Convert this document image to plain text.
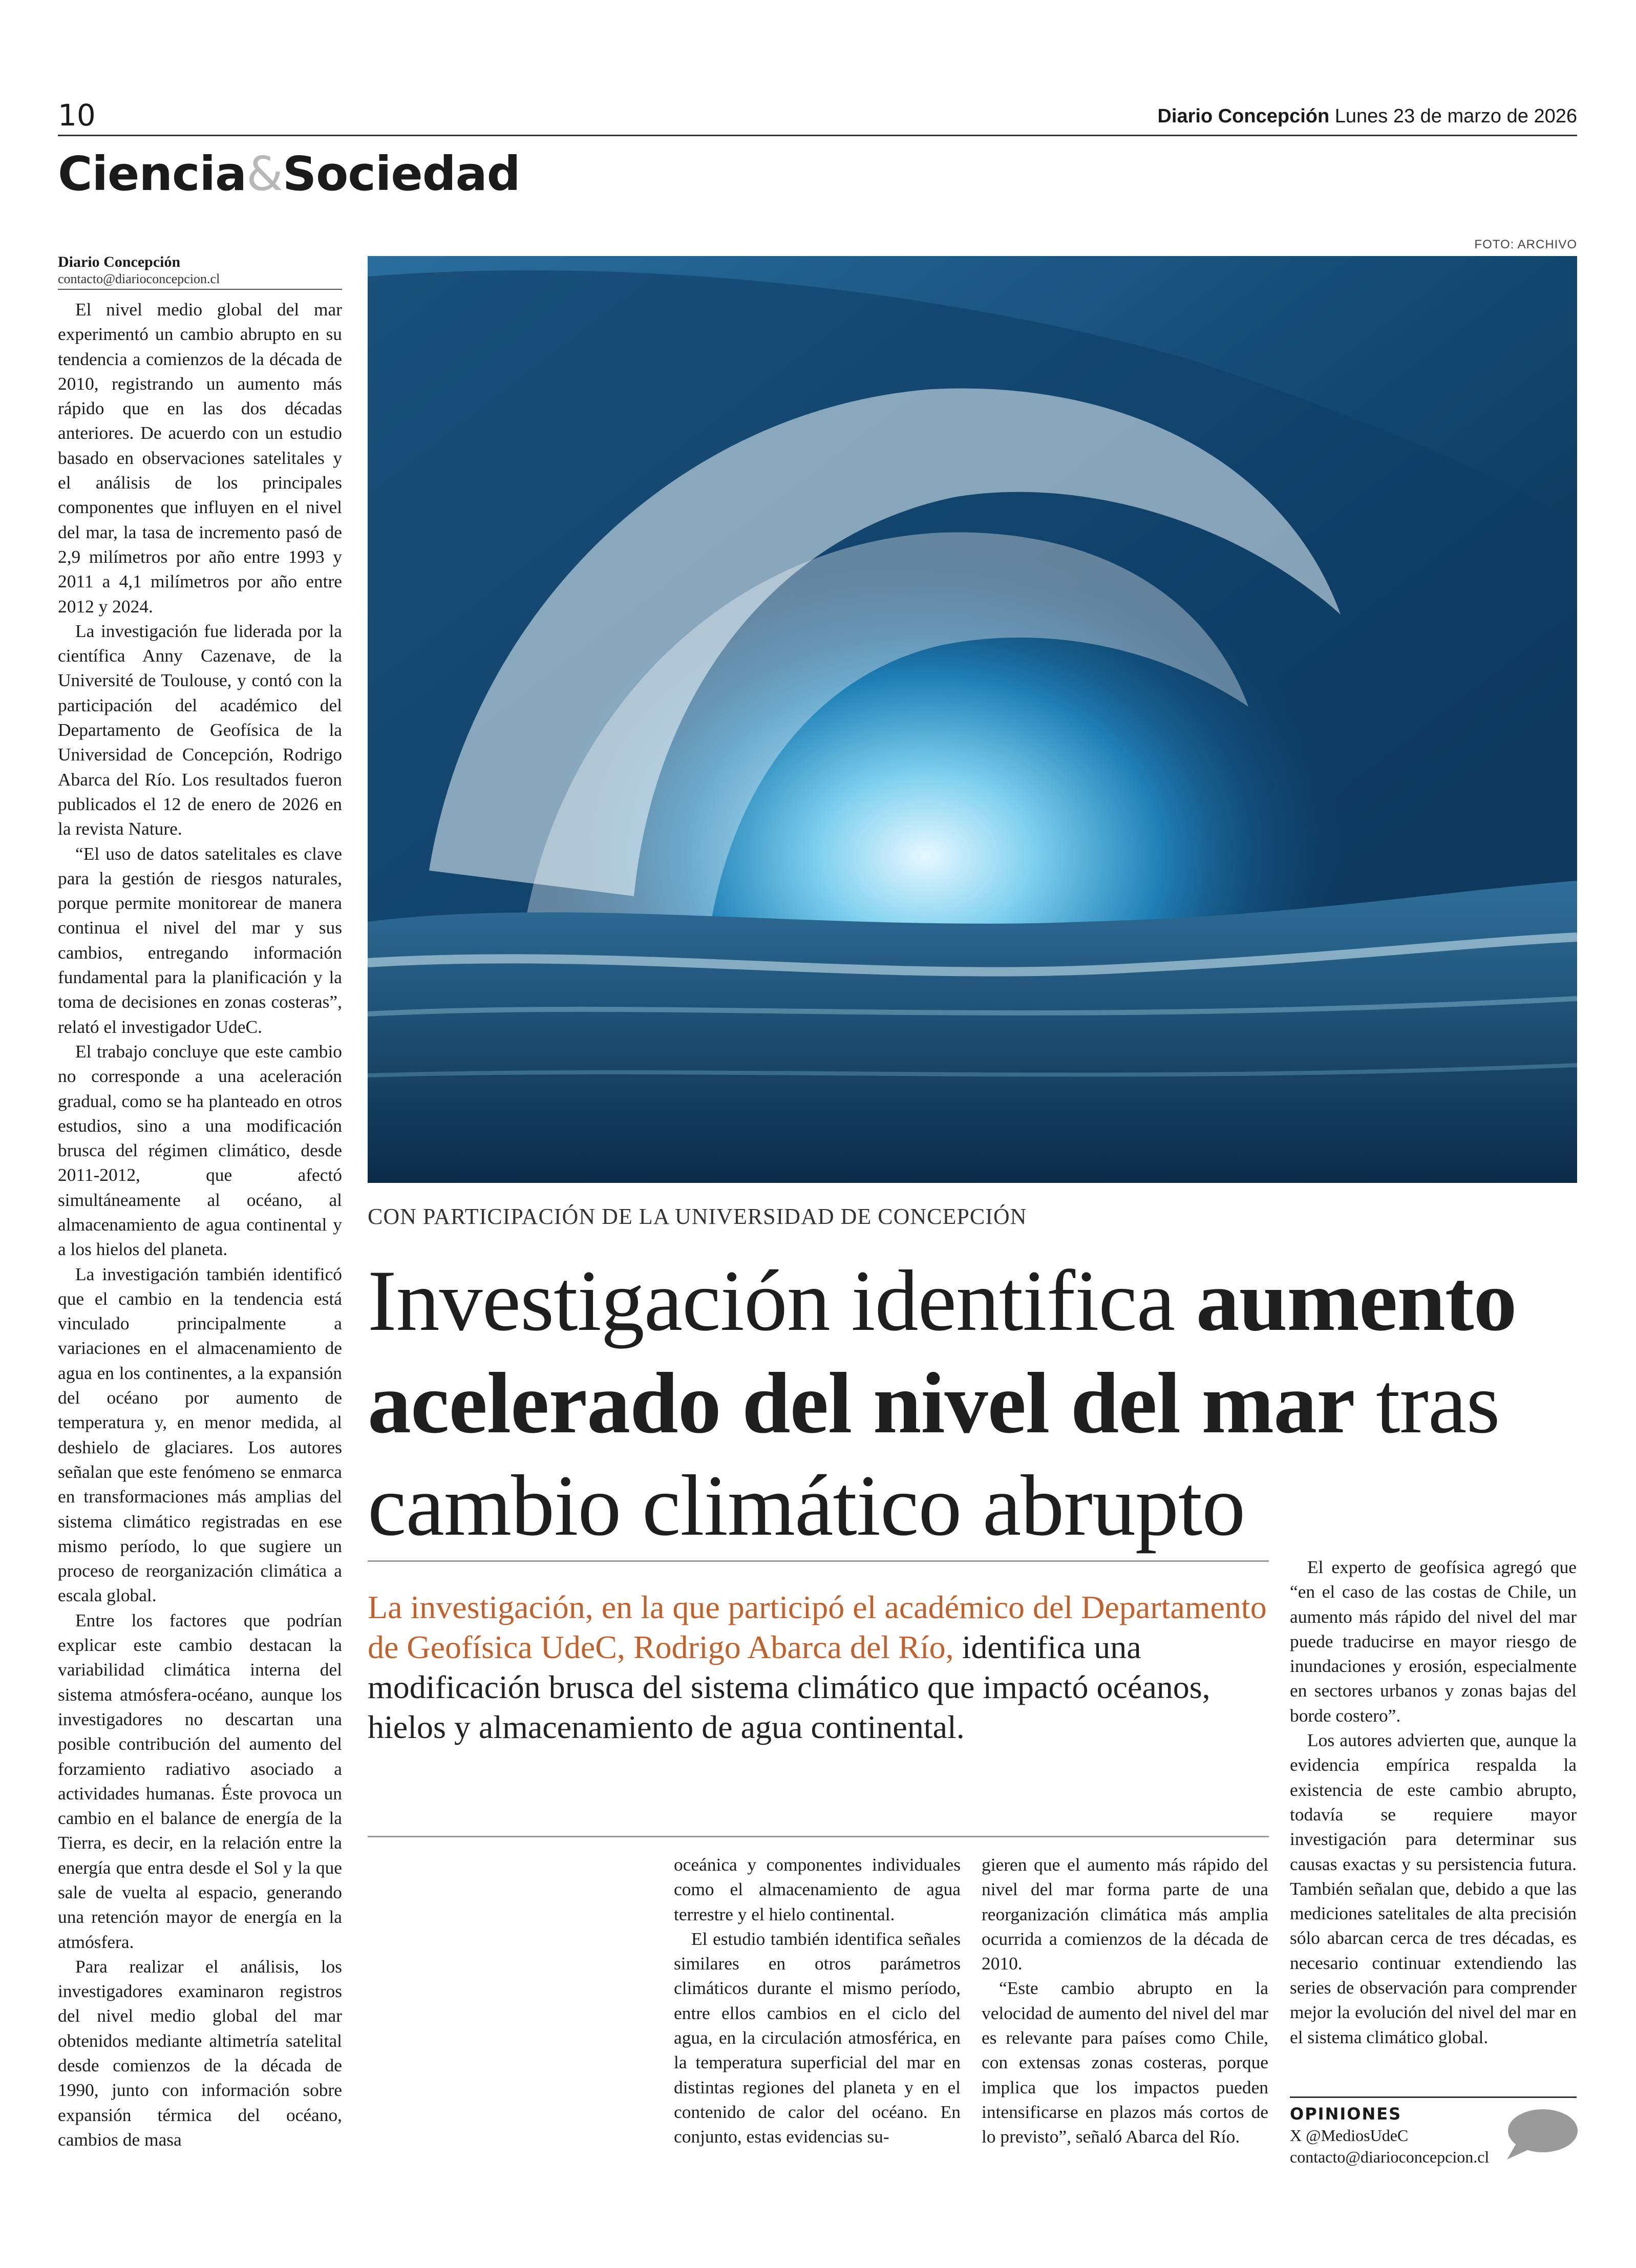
10	Diario Concepción Lunes 23 de marzo de 2026
Ciencia&Sociedad
Diario Concepción
contacto@diarioconcepcion.cl

El nivel medio global del mar experimentó un cambio abrupto en su tendencia a comienzos de la década de 2010, registrando un aumento más rápido que en las dos décadas anteriores. De acuerdo con un estudio basado en observaciones satelitales y el análisis de los principales componentes que influyen en el nivel del mar, la tasa de incremento pasó de 2,9 milímetros por año entre 1993 y 2011 a 4,1 milímetros por año entre 2012 y 2024.

La investigación fue liderada por la científica Anny Cazenave, de la Université de Toulouse, y contó con la participación del académico del Departamento de Geofísica de la Universidad de Concepción, Rodrigo Abarca del Río. Los resultados fueron publicados el 12 de enero de 2026 en la revista Nature.

“El uso de datos satelitales es clave para la gestión de riesgos naturales, porque permite monitorear de manera continua el nivel del mar y sus cambios, entregando información fundamental para la planificación y la toma de decisiones en zonas costeras”, relató el investigador UdeC.

El trabajo concluye que este cambio no corresponde a una aceleración gradual, como se ha planteado en otros estudios, sino a una modificación brusca del régimen climático, desde 2011-2012, que afectó simultáneamente al océano, al almacenamiento de agua continental y a los hielos del planeta.

La investigación también identificó que el cambio en la tendencia está vinculado principalmente a variaciones en el almacenamiento de agua en los continentes, a la expansión del océano por aumento de temperatura y, en menor medida, al deshielo de glaciares. Los autores señalan que este fenómeno se enmarca en transformaciones más amplias del sistema climático registradas en ese mismo período, lo que sugiere un proceso de reorganización climática a escala global.

Entre los factores que podrían explicar este cambio destacan la variabilidad climática interna del sistema atmósfera-océano, aunque los investigadores no descartan una posible contribución del aumento del forzamiento radiativo asociado a actividades humanas. Éste provoca un cambio en el balance de energía de la Tierra, es decir, en la relación entre la energía que entra desde el Sol y la que sale de vuelta al espacio, generando una retención mayor de energía en la atmósfera.

Para realizar el análisis, los investigadores examinaron registros del nivel medio global del mar obtenidos mediante altimetría satelital desde comienzos de la década de 1990, junto con información sobre expansión térmica del océano, cambios de masa

FOTO: ARCHIVO
CON PARTICIPACIÓN DE LA UNIVERSIDAD DE CONCEPCIÓN
Investigación identifica aumento acelerado del nivel del mar tras cambio climático abrupto
La investigación, en la que participó el académico del Departamento de Geofísica UdeC, Rodrigo Abarca del Río, identifica una modificación brusca del sistema climático que impactó océanos, hielos y almacenamiento de agua continental.

oceánica y componentes individuales como el almacenamiento de agua terrestre y el hielo continental.

El estudio también identifica señales similares en otros parámetros climáticos durante el mismo período, entre ellos cambios en el ciclo del agua, en la circulación atmosférica, en la temperatura superficial del mar en distintas regiones del planeta y en el contenido de calor del océano. En conjunto, estas evidencias su-

gieren que el aumento más rápido del nivel del mar forma parte de una reorganización climática más amplia ocurrida a comienzos de la década de 2010.

“Este cambio abrupto en la velocidad de aumento del nivel del mar es relevante para países como Chile, con extensas zonas costeras, porque implica que los impactos pueden intensificarse en plazos más cortos de lo previsto”, señaló Abarca del Río.

El experto de geofísica agregó que “en el caso de las costas de Chile, un aumento más rápido del nivel del mar puede traducirse en mayor riesgo de inundaciones y erosión, especialmente en sectores urbanos y zonas bajas del borde costero”.

Los autores advierten que, aunque la evidencia empírica respalda la existencia de este cambio abrupto, todavía se requiere mayor investigación para determinar sus causas exactas y su persistencia futura. También señalan que, debido a que las mediciones satelitales de alta precisión sólo abarcan cerca de tres décadas, es necesario continuar extendiendo las series de observación para comprender mejor la evolución del nivel del mar en el sistema climático global.

OPINIONES
X @MediosUdeC
contacto@diarioconcepcion.cl
